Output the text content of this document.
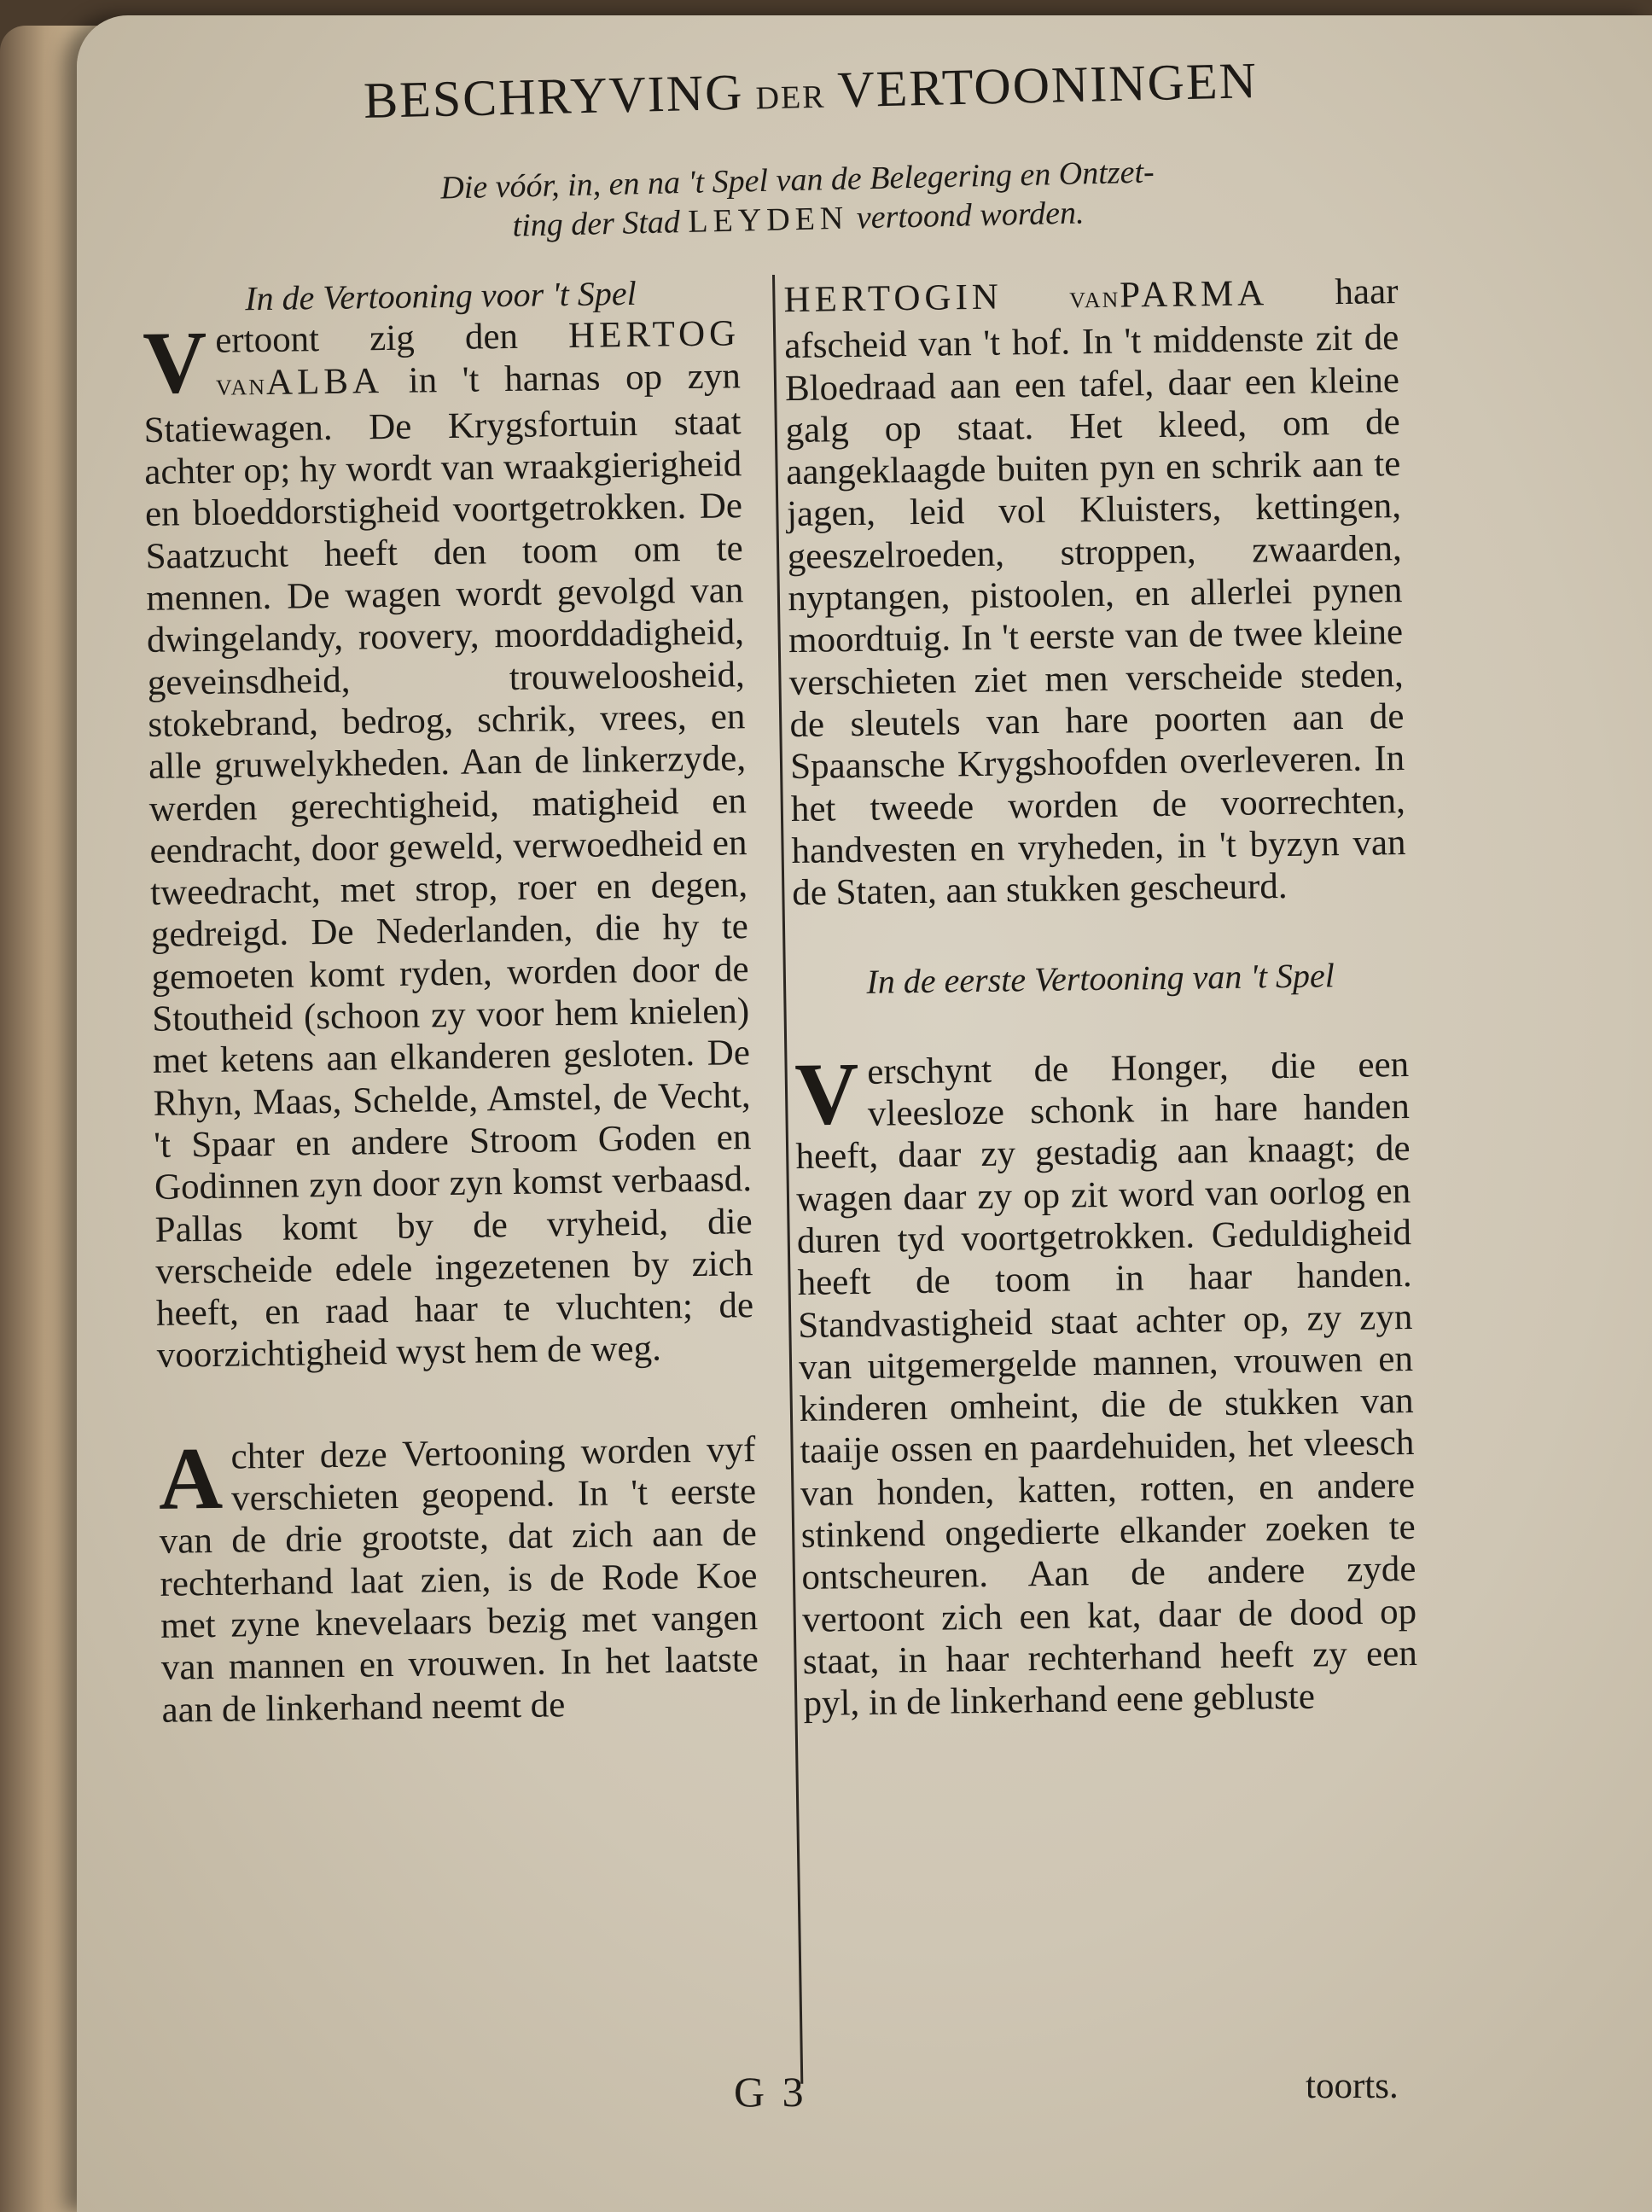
BESCHRYVING DER VERTOONINGEN
Die vóór, in, en na 't Spel van de Belegering en Ontzet-
ting der Stad LEYDEN vertoond worden.

In de Vertooning voor 't Spel

Vertoont zig den HERTOG VANALBA in 't harnas op zyn Statiewagen. De Krygsfortuin staat achter op; hy wordt van wraakgierigheid en bloeddorstigheid voortgetrokken. De Saatzucht heeft den toom om te mennen. De wagen wordt gevolgd van dwingelandy, roovery, moorddadigheid, geveinsdheid, trouweloosheid, stokebrand, bedrog, schrik, vrees, en alle gruwelykheden. Aan de linkerzyde, werden gerechtigheid, matigheid en eendracht, door geweld, verwoedheid en tweedracht, met strop, roer en degen, gedreigd. De Nederlanden, die hy te gemoeten komt ryden, worden door de Stoutheid (schoon zy voor hem knielen) met ketens aan elkanderen gesloten. De Rhyn, Maas, Schelde, Amstel, de Vecht, 't Spaar en andere Stroom Goden en Godinnen zyn door zyn komst verbaasd. Pallas komt by de vryheid, die verscheide edele ingezetenen by zich heeft, en raad haar te vluchten; de voorzichtigheid wyst hem de weg.

Achter deze Vertooning worden vyf verschieten geopend. In 't eerste van de drie grootste, dat zich aan de rechterhand laat zien, is de Rode Koe met zyne knevelaars bezig met vangen van mannen en vrouwen. In het laatste aan de linkerhand neemt de

HERTOGIN	VANPARMA haar afscheid van 't hof. In 't middenste zit de Bloedraad aan een tafel, daar een kleine galg op staat. Het kleed, om de aangeklaagde buiten pyn en schrik aan te jagen, leid vol Kluisters, kettingen, geeszelroeden, stroppen, zwaarden, nyptangen, pistoolen, en allerlei pynen moordtuig. In 't eerste van de twee kleine verschieten ziet men verscheide steden, de sleutels van hare poorten aan de Spaansche Krygshoofden overleveren. In het tweede worden de voorrechten, handvesten en vryheden, in 't byzyn van de Staten, aan stukken gescheurd.

In de eerste Vertooning van 't Spel

Verschynt de Honger, die een vleesloze schonk in hare handen heeft, daar zy gestadig aan knaagt; de wagen daar zy op zit word van oorlog en duren tyd voortgetrokken. Geduldigheid heeft de toom in haar handen. Standvastigheid staat achter op, zy zyn van uitgemergelde mannen, vrouwen en kinderen omheint, die de stukken van taaije ossen en paardehuiden, het vleesch van honden, katten, rotten, en andere stinkend ongedierte elkander zoeken te ontscheuren. Aan de andere zyde vertoont zich een kat, daar de dood op staat, in haar rechterhand heeft zy een pyl, in de linkerhand eene gebluste

G 3	toorts.
